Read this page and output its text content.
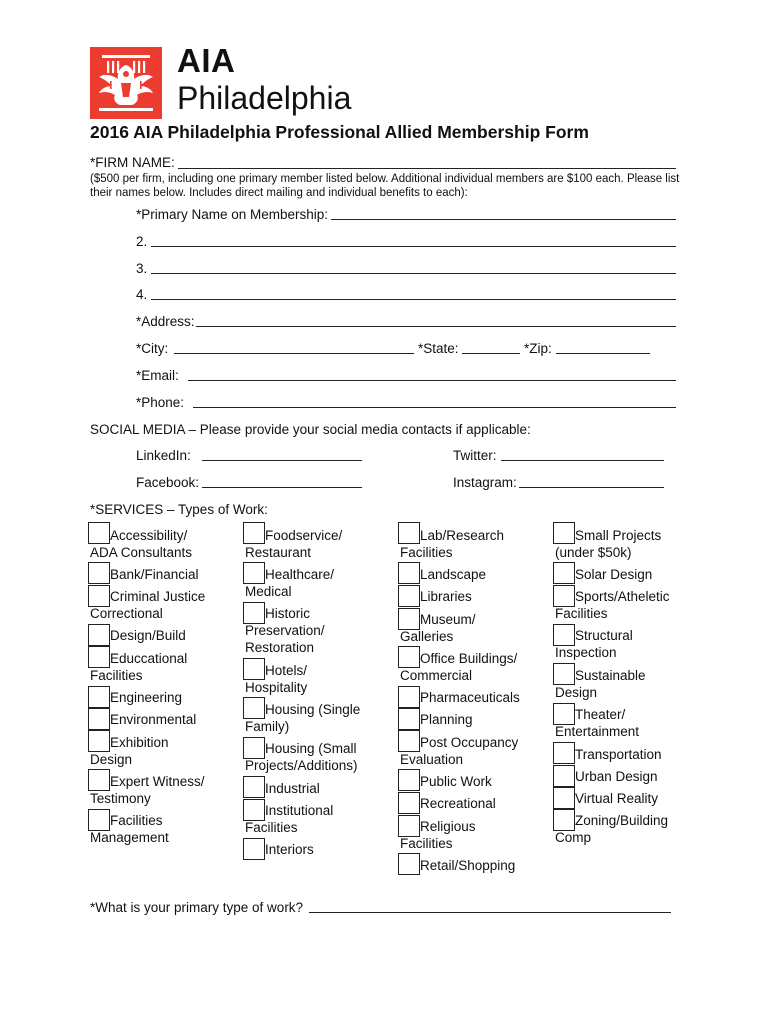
AIA
Philadelphia
2016 AIA Philadelphia Professional Allied Membership Form
*FIRM NAME:
($500 per firm, including one primary member listed below. Additional individual members are $100 each. Please list
their names below. Includes direct mailing and individual benefits to each):
*Primary Name on Membership:
2.
3.
4.
*Address:
*City:	*State:	*Zip:
*Email:
*Phone:
SOCIAL MEDIA – Please provide your social media contacts if applicable:
LinkedIn:	Twitter:
Facebook:	Instagram:
*SERVICES – Types of Work:
Accessibility/
ADA Consultants
Bank/Financial
Criminal Justice
Correctional
Design/Build
Educcational
Facilities
Engineering
Environmental
Exhibition
Design
Expert Witness/
Testimony
Facilities
Management
Foodservice/
Restaurant
Healthcare/
Medical
Historic
Preservation/
Restoration
Hotels/
Hospitality
Housing (Single
Family)
Housing (Small
Projects/Additions)
Industrial
Institutional
Facilities
Interiors
Lab/Research
Facilities
Landscape
Libraries
Museum/
Galleries
Office Buildings/
Commercial
Pharmaceuticals
Planning
Post Occupancy
Evaluation
Public Work
Recreational
Religious
Facilities
Retail/Shopping
Small Projects
(under $50k)
Solar Design
Sports/Atheletic
Facilities
Structural
Inspection
Sustainable
Design
Theater/
Entertainment
Transportation
Urban Design
Virtual Reality
Zoning/Building
Comp
*What is your primary type of work?
